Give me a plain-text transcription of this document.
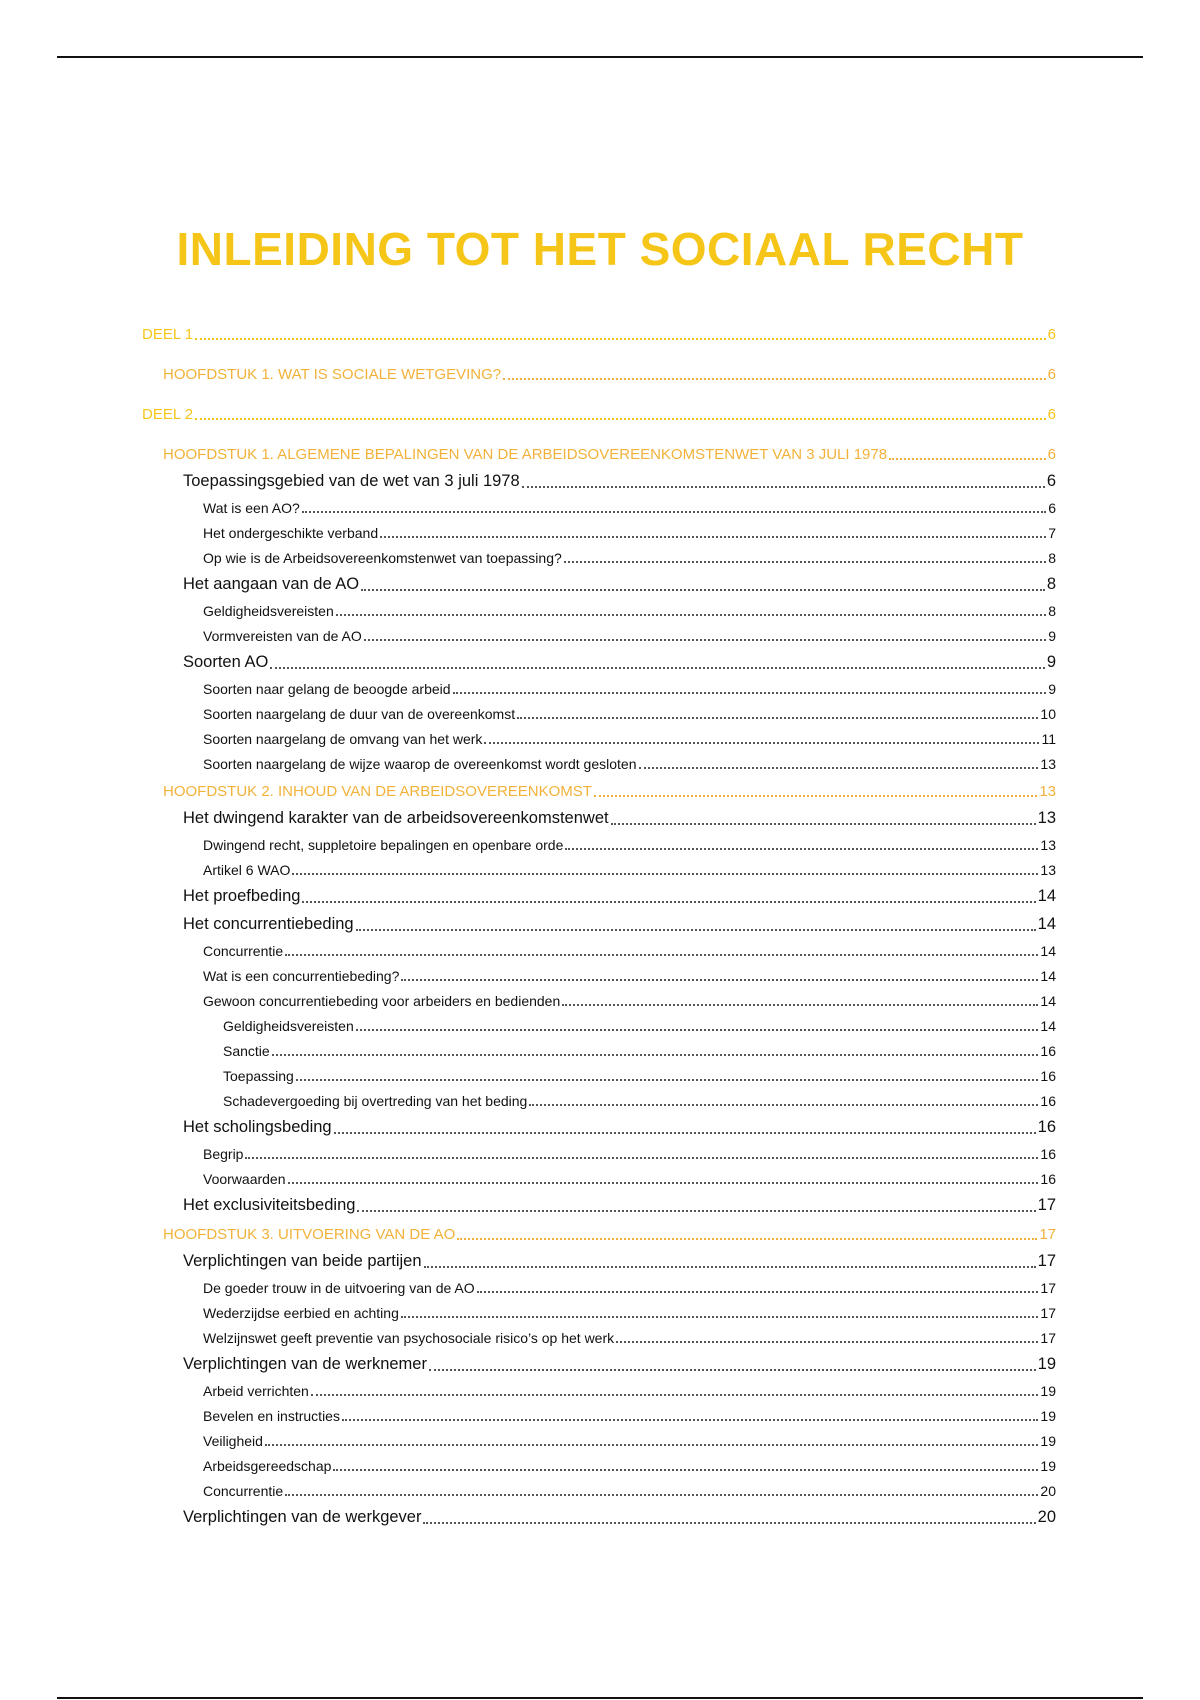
INLEIDING TOT HET SOCIAAL RECHT
DEEL 1	6
HOOFDSTUK 1. WAT IS SOCIALE WETGEVING?	6
DEEL 2	6
HOOFDSTUK 1. ALGEMENE BEPALINGEN VAN DE ARBEIDSOVEREENKOMSTENWET VAN 3 JULI 1978	6
Toepassingsgebied van de wet van 3 juli 1978	6
Wat is een AO?	6
Het ondergeschikte verband	7
Op wie is de Arbeidsovereenkomstenwet van toepassing?	8
Het aangaan van de AO	8
Geldigheidsvereisten	8
Vormvereisten van de AO	9
Soorten AO	9
Soorten naar gelang de beoogde arbeid	9
Soorten naargelang de duur van de overeenkomst	10
Soorten naargelang de omvang van het werk	11
Soorten naargelang de wijze waarop de overeenkomst wordt gesloten	13
HOOFDSTUK 2. INHOUD VAN DE ARBEIDSOVEREENKOMST	13
Het dwingend karakter van de arbeidsovereenkomstenwet	13
Dwingend recht, suppletoire bepalingen en openbare orde	13
Artikel 6 WAO	13
Het proefbeding	14
Het concurrentiebeding	14
Concurrentie	14
Wat is een concurrentiebeding?	14
Gewoon concurrentiebeding voor arbeiders en bedienden	14
Geldigheidsvereisten	14
Sanctie	16
Toepassing	16
Schadevergoeding bij overtreding van het beding	16
Het scholingsbeding	16
Begrip	16
Voorwaarden	16
Het exclusiviteitsbeding	17
HOOFDSTUK 3. UITVOERING VAN DE AO	17
Verplichtingen van beide partijen	17
De goeder trouw in de uitvoering van de AO	17
Wederzijdse eerbied en achting	17
Welzijnswet geeft preventie van psychosociale risico’s op het werk	17
Verplichtingen van de werknemer	19
Arbeid verrichten	19
Bevelen en instructies	19
Veiligheid	19
Arbeidsgereedschap	19
Concurrentie	20
Verplichtingen van de werkgever	20
